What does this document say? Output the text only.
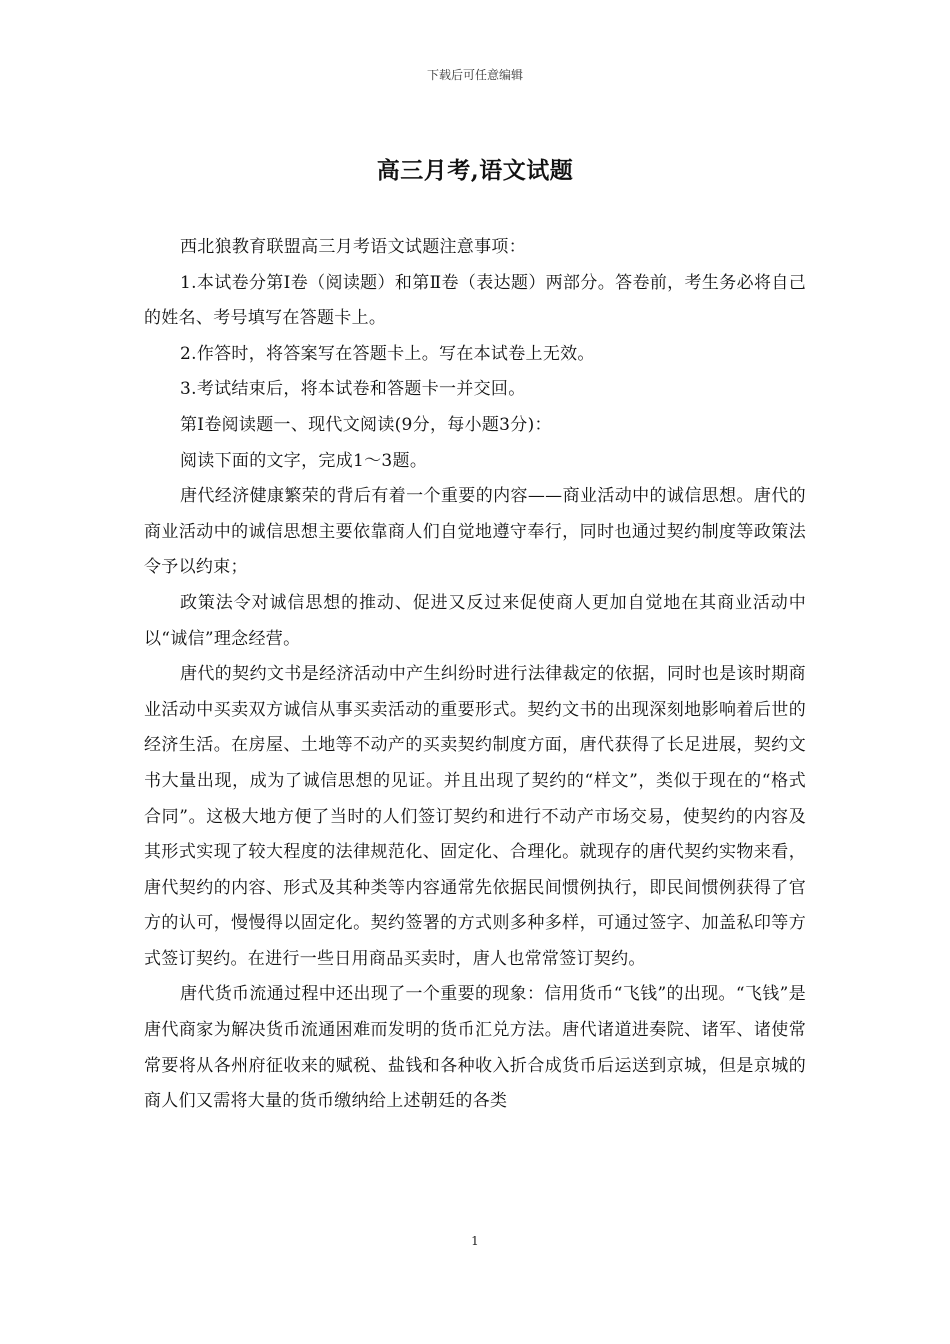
下载后可任意编辑
高三月考,语文试题

西北狼教育联盟高三月考语文试题注意事项：

1.本试卷分第Ⅰ卷（阅读题）和第Ⅱ卷（表达题）两部分。答卷前，考生务必将自己的姓名、考号填写在答题卡上。

2.作答时，将答案写在答题卡上。写在本试卷上无效。

3.考试结束后，将本试卷和答题卡一并交回。

第Ⅰ卷阅读题一、现代文阅读(9分，每小题3分)：

阅读下面的文字，完成1～3题。

唐代经济健康繁荣的背后有着一个重要的内容——商业活动中的诚信思想。唐代的商业活动中的诚信思想主要依靠商人们自觉地遵守奉行，同时也通过契约制度等政策法令予以约束；

政策法令对诚信思想的推动、促进又反过来促使商人更加自觉地在其商业活动中以“诚信”理念经营。

唐代的契约文书是经济活动中产生纠纷时进行法律裁定的依据，同时也是该时期商业活动中买卖双方诚信从事买卖活动的重要形式。契约文书的出现深刻地影响着后世的经济生活。在房屋、土地等不动产的买卖契约制度方面，唐代获得了长足进展，契约文书大量出现，成为了诚信思想的见证。并且出现了契约的“样文”，类似于现在的“格式合同”。这极大地方便了当时的人们签订契约和进行不动产市场交易，使契约的内容及其形式实现了较大程度的法律规范化、固定化、合理化。就现存的唐代契约实物来看，唐代契约的内容、形式及其种类等内容通常先依据民间惯例执行，即民间惯例获得了官方的认可，慢慢得以固定化。契约签署的方式则多种多样，可通过签字、加盖私印等方式签订契约。在进行一些日用商品买卖时，唐人也常常签订契约。

唐代货币流通过程中还出现了一个重要的现象：信用货币“飞钱”的出现。“飞钱”是唐代商家为解决货币流通困难而发明的货币汇兑方法。唐代诸道进奏院、诸军、诸使常常要将从各州府征收来的赋税、盐钱和各种收入折合成货币后运送到京城，但是京城的商人们又需将大量的货币缴纳给上述朝廷的各类

1
